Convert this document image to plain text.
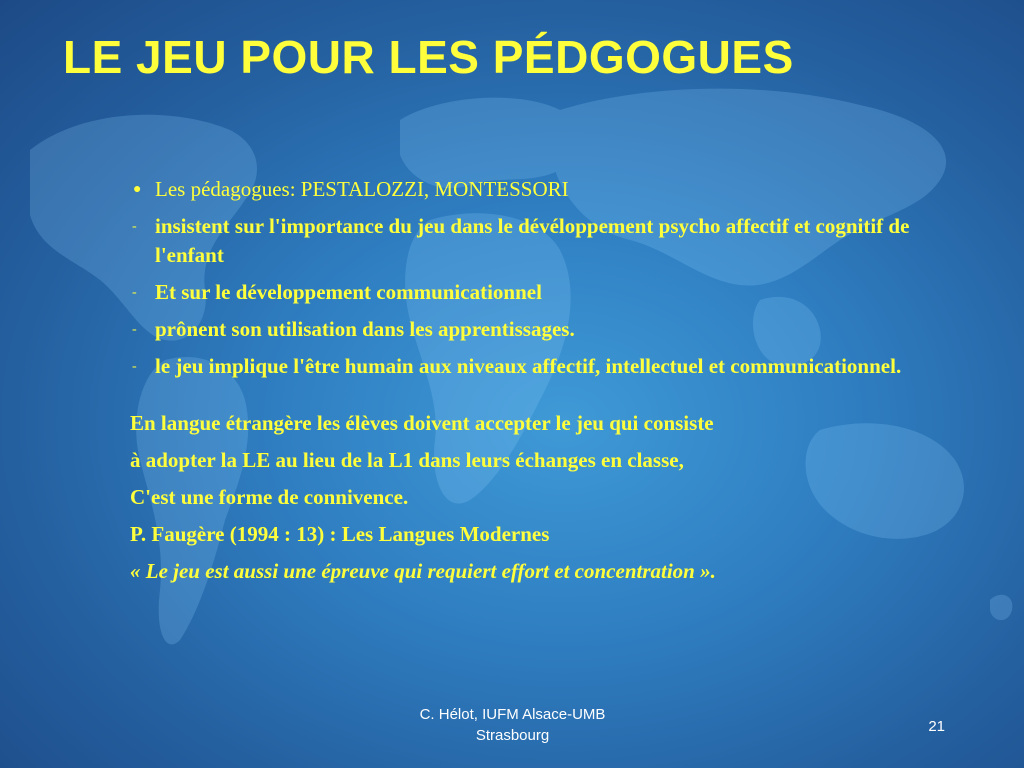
LE JEU POUR LES PÉDGOGUES
● Les pédagogues: PESTALOZZI, MONTESSORI
- insistent sur l'importance du jeu dans le dévéloppement psycho affectif et cognitif de l'enfant
- Et sur le développement communicationnel
- prônent son utilisation dans les apprentissages.
- le jeu implique l'être humain aux niveaux affectif, intellectuel et communicationnel.
En langue étrangère les élèves doivent accepter le jeu qui consiste
à adopter la LE au lieu de la L1 dans leurs échanges en classe,
C'est une forme de connivence.
P. Faugère (1994 : 13) : Les Langues Modernes
« Le jeu est aussi une épreuve qui requiert effort et concentration ».
C. Hélot, IUFM Alsace-UMB
Strasbourg
21
